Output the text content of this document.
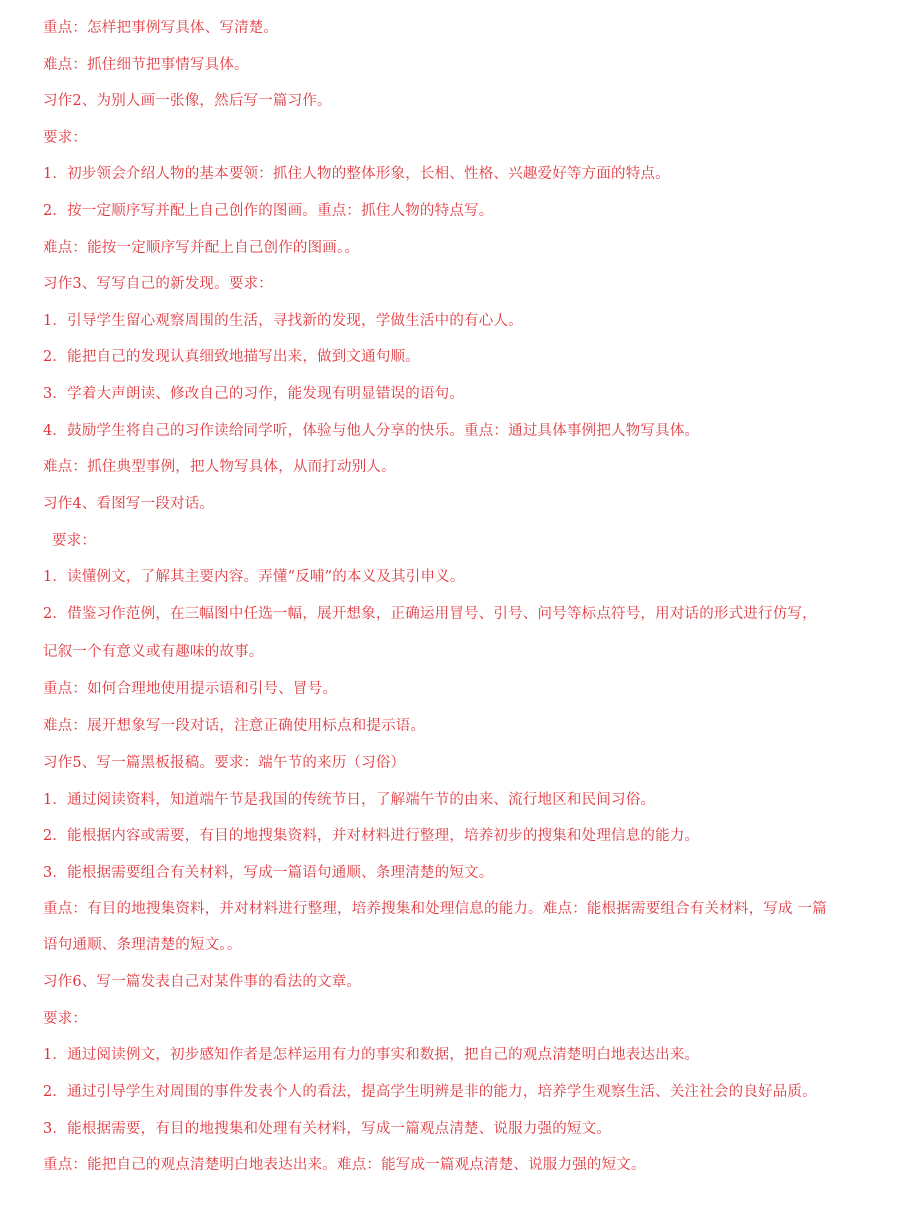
重点：怎样把事例写具体、写清楚。

难点：抓住细节把事情写具体。

习作2、为别人画一张像，然后写一篇习作。

要求：

1．初步领会介绍人物的基本要领：抓住人物的整体形象，长相、性格、兴趣爱好等方面的特点。

2．按一定顺序写并配上自己创作的图画。重点：抓住人物的特点写。

难点：能按一定顺序写并配上自己创作的图画。。

习作3、写写自己的新发现。要求：

1．引导学生留心观察周围的生活，寻找新的发现，学做生活中的有心人。

2．能把自己的发现认真细致地描写出来，做到文通句顺。

3．学着大声朗读、修改自己的习作，能发现有明显错误的语句。

4．鼓励学生将自己的习作读给同学听，体验与他人分享的快乐。重点：通过具体事例把人物写具体。

难点：抓住典型事例，把人物写具体，从而打动别人。

习作4、看图写一段对话。

要求：

1．读懂例文，了解其主要内容。弄懂“反哺”的本义及其引申义。

2．借鉴习作范例，在三幅图中任选一幅，展开想象，正确运用冒号、引号、问号等标点符号，用对话的形式进行仿写，

记叙一个有意义或有趣味的故事。

重点：如何合理地使用提示语和引号、冒号。

难点：展开想象写一段对话，注意正确使用标点和提示语。

习作5、写一篇黑板报稿。要求：端午节的来历（习俗）

1．通过阅读资料，知道端午节是我国的传统节日，了解端午节的由来、流行地区和民间习俗。

2．能根据内容或需要，有目的地搜集资料，并对材料进行整理，培养初步的搜集和处理信息的能力。

3．能根据需要组合有关材料，写成一篇语句通顺、条理清楚的短文。

重点：有目的地搜集资料，并对材料进行整理，培养搜集和处理信息的能力。难点：能根据需要组合有关材料，写成 一篇

语句通顺、条理清楚的短文。。

习作6、写一篇发表自己对某件事的看法的文章。

要求：

1．通过阅读例文，初步感知作者是怎样运用有力的事实和数据，把自己的观点清楚明白地表达出来。

2．通过引导学生对周围的事件发表个人的看法，提高学生明辨是非的能力，培养学生观察生活、关注社会的良好品质。

3．能根据需要，有目的地搜集和处理有关材料，写成一篇观点清楚、说服力强的短文。

重点：能把自己的观点清楚明白地表达出来。难点：能写成一篇观点清楚、说服力强的短文。
